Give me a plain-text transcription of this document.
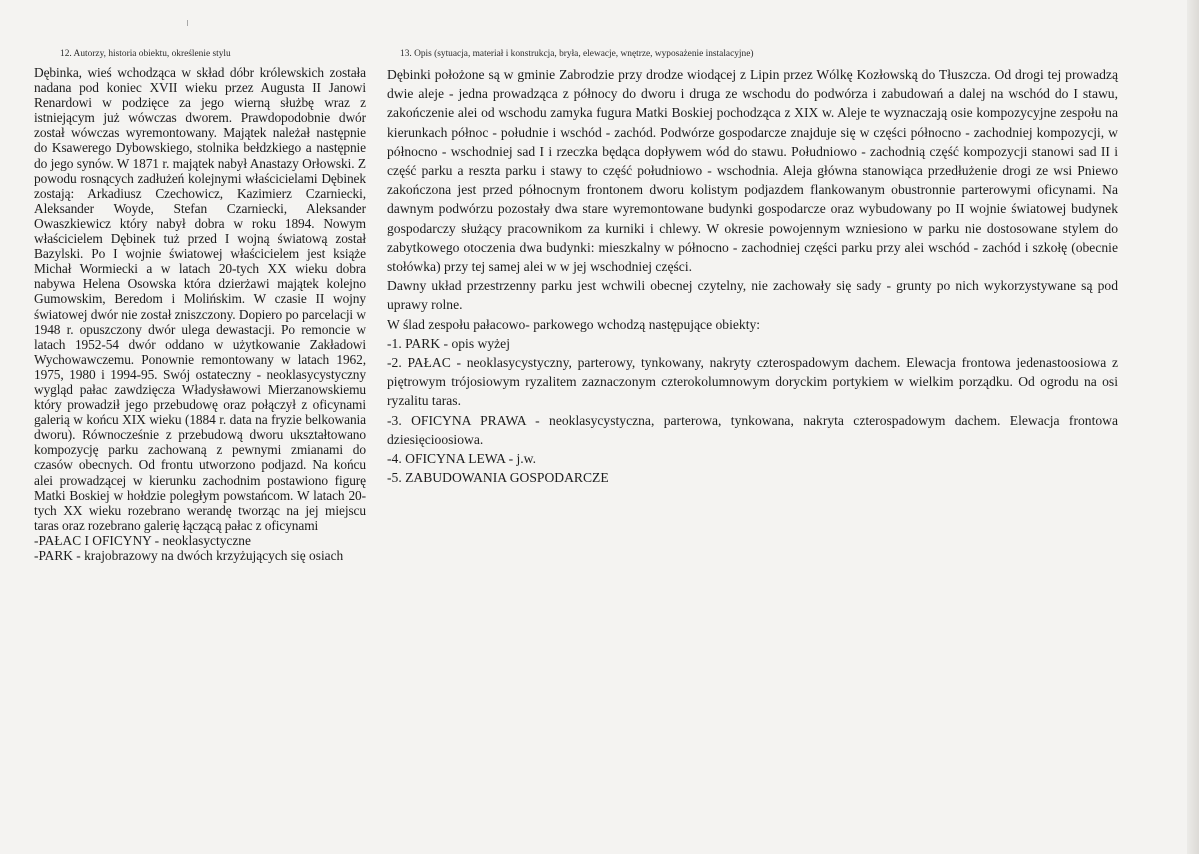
12. Autorzy, historia obiektu, określenie stylu

Dębinka, wieś wchodząca w skład dóbr królewskich została nadana pod koniec XVII wieku przez Augusta II Janowi Renardowi w podzięce za jego wierną służbę wraz z istniejącym już wówczas dworem. Prawdopodobnie dwór został wówczas wyremontowany. Majątek należał następnie do Ksawerego Dybowskiego, stolnika bełdzkiego a następnie do jego synów. W 1871 r. majątek nabył Anastazy Orłowski. Z powodu rosnących zadłużeń kolejnymi właścicielami Dębinek zostają: Arkadiusz Czechowicz, Kazimierz Czarniecki, Aleksander Woyde, Stefan Czarniecki, Aleksander Owaszkiewicz który nabył dobra w roku 1894. Nowym właścicielem Dębinek tuż przed I wojną światową został Bazylski. Po I wojnie światowej właścicielem jest książe Michał Wormiecki a w latach 20-tych XX wieku dobra nabywa Helena Osowska która dzierżawi majątek kolejno Gumowskim, Beredom i Molińskim. W czasie II wojny światowej dwór nie został zniszczony. Dopiero po parcelacji w 1948 r. opuszczony dwór ulega dewastacji. Po remoncie w latach 1952-54 dwór oddano w użytkowanie Zakładowi Wychowawczemu. Ponownie remontowany w latach 1962, 1975, 1980 i 1994-95. Swój ostateczny - neoklasycystyczny wygląd pałac zawdzięcza Władysławowi Mierzanowskiemu który prowadził jego przebudowę oraz połączył z oficynami galerią w końcu XIX wieku (1884 r. data na fryzie belkowania dworu). Równocześnie z przebudową dworu ukształtowano kompozycję parku zachowaną z pewnymi zmianami do czasów obecnych. Od frontu utworzono podjazd. Na końcu alei prowadzącej w kierunku zachodnim postawiono figurę Matki Boskiej w hołdzie poległym powstańcom. W latach 20-tych XX wieku rozebrano werandę tworząc na jej miejscu taras oraz rozebrano galerię łączącą pałac z oficynami

-PAŁAC I OFICYNY - neoklasyctyczne
-PARK - krajobrazowy na dwóch krzyżujących się osiach
13. Opis (sytuacja, materiał i konstrukcja, bryła, elewacje, wnętrze, wyposażenie instalacyjne)

Dębinki położone są w gminie Zabrodzie przy drodze wiodącej z Lipin przez Wólkę Kozłowską do Tłuszcza. Od drogi tej prowadzą dwie aleje - jedna prowadząca z północy do dworu i druga ze wschodu do podwórza i zabudowań a dalej na wschód do I stawu, zakończenie alei od wschodu zamyka fugura Matki Boskiej pochodząca z XIX w. Aleje te wyznaczają osie kompozycyjne zespołu na kierunkach północ - południe i wschód - zachód. Podwórze gospodarcze znajduje się w części północno - zachodniej kompozycji, w północno - wschodniej sad I i rzeczka będąca dopływem wód do stawu. Południowo - zachodnią część kompozycji stanowi sad II i część parku a reszta parku i stawy to część południowo - wschodnia. Aleja główna stanowiąca przedłużenie drogi ze wsi Pniewo zakończona jest przed północnym frontonem dworu kolistym podjazdem flankowanym obustronnie parterowymi oficynami. Na dawnym podwórzu pozostały dwa stare wyremontowane budynki gospodarcze oraz wybudowany po II wojnie światowej budynek gospodarczy służący pracownikom za kurniki i chlewy. W okresie powojennym wzniesiono w parku nie dostosowane stylem do zabytkowego otoczenia dwa budynki: mieszkalny w północno - zachodniej części parku przy alei wschód - zachód i szkołę (obecnie stołówka) przy tej samej alei w w jej wschodniej części.

Dawny układ przestrzenny parku jest wchwili obecnej czytelny, nie zachowały się sady - grunty po nich wykorzystywane są pod uprawy rolne.

W ślad zespołu pałacowo- parkowego wchodzą następujące obiekty:

-1. PARK - opis wyżej
-2. PAŁAC - neoklasycystyczny, parterowy, tynkowany, nakryty czterospadowym dachem. Elewacja frontowa jedenastoosiowa z piętrowym trójosiowym ryzalitem zaznaczonym czterokolumnowym doryckim portykiem w wielkim porządku. Od ogrodu na osi ryzalitu taras.
-3. OFICYNA PRAWA - neoklasycystyczna, parterowa, tynkowana, nakryta czterospadowym dachem. Elewacja frontowa dziesięcioosiowa.
-4. OFICYNA LEWA - j.w.
-5. ZABUDOWANIA GOSPODARCZE
